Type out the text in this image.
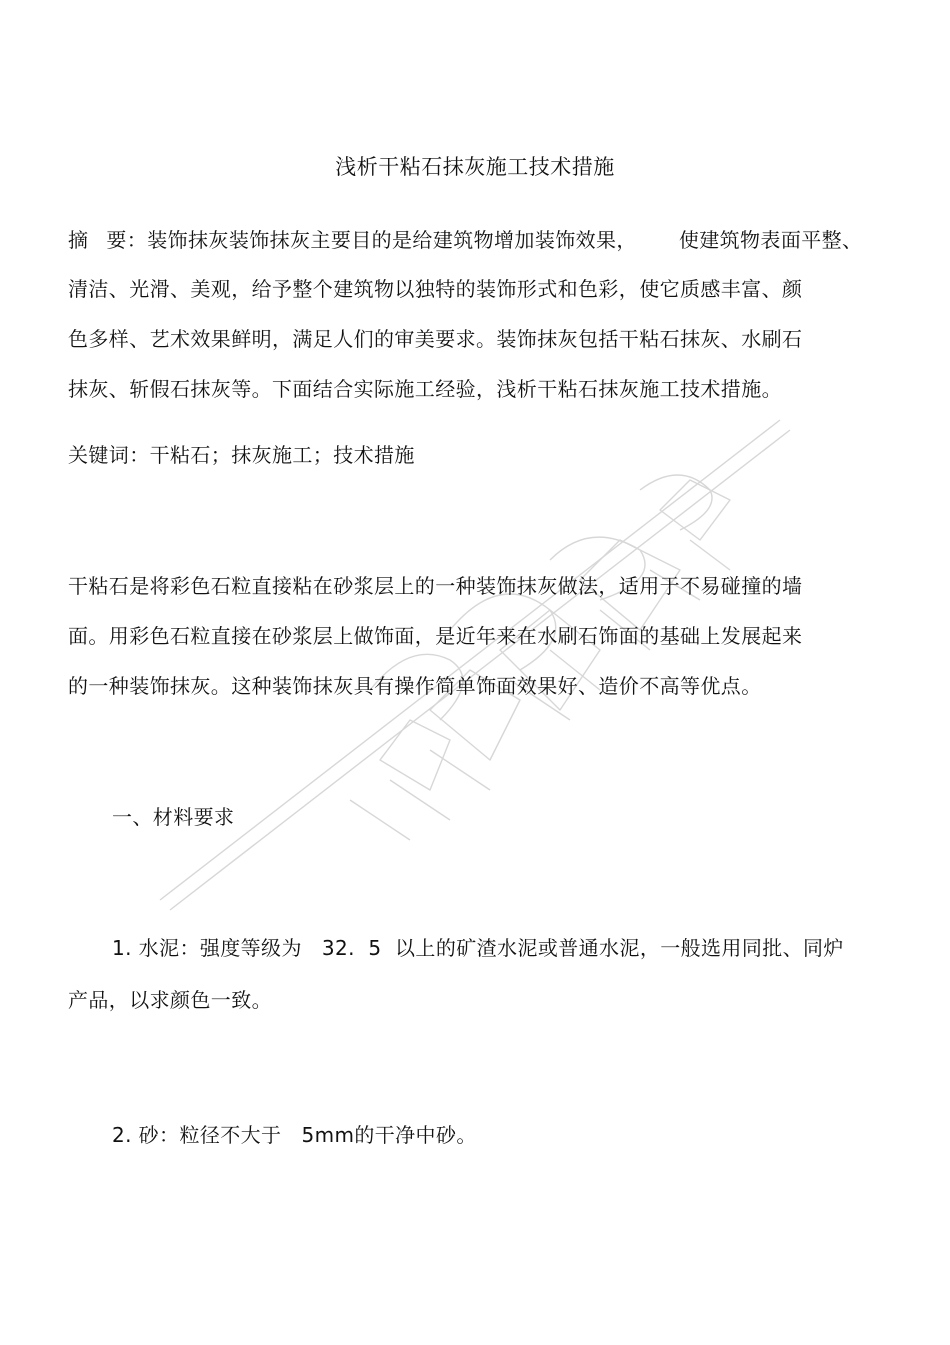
浅析干粘石抹灰施工技术措施
摘 要：装饰抹灰装饰抹灰主要目的是给建筑物增加装饰效果， 使建筑物表面平整、
清洁、光滑、美观，给予整个建筑物以独特的装饰形式和色彩，使它质感丰富、颜
色多样、艺术效果鲜明，满足人们的审美要求。装饰抹灰包括干粘石抹灰、水刷石
抹灰、斩假石抹灰等。下面结合实际施工经验，浅析干粘石抹灰施工技术措施。
关键词：干粘石；抹灰施工；技术措施
干粘石是将彩色石粒直接粘在砂浆层上的一种装饰抹灰做法，适用于不易碰撞的墙
面。用彩色石粒直接在砂浆层上做饰面，是近年来在水刷石饰面的基础上发展起来
的一种装饰抹灰。这种装饰抹灰具有操作简单饰面效果好、造价不高等优点。
一、材料要求
1. 水泥：强度等级为 32. 5 以上的矿渣水泥或普通水泥，一般选用同批、同炉
产品，以求颜色一致。
2. 砂：粒径不大于 5mm的干净中砂。
